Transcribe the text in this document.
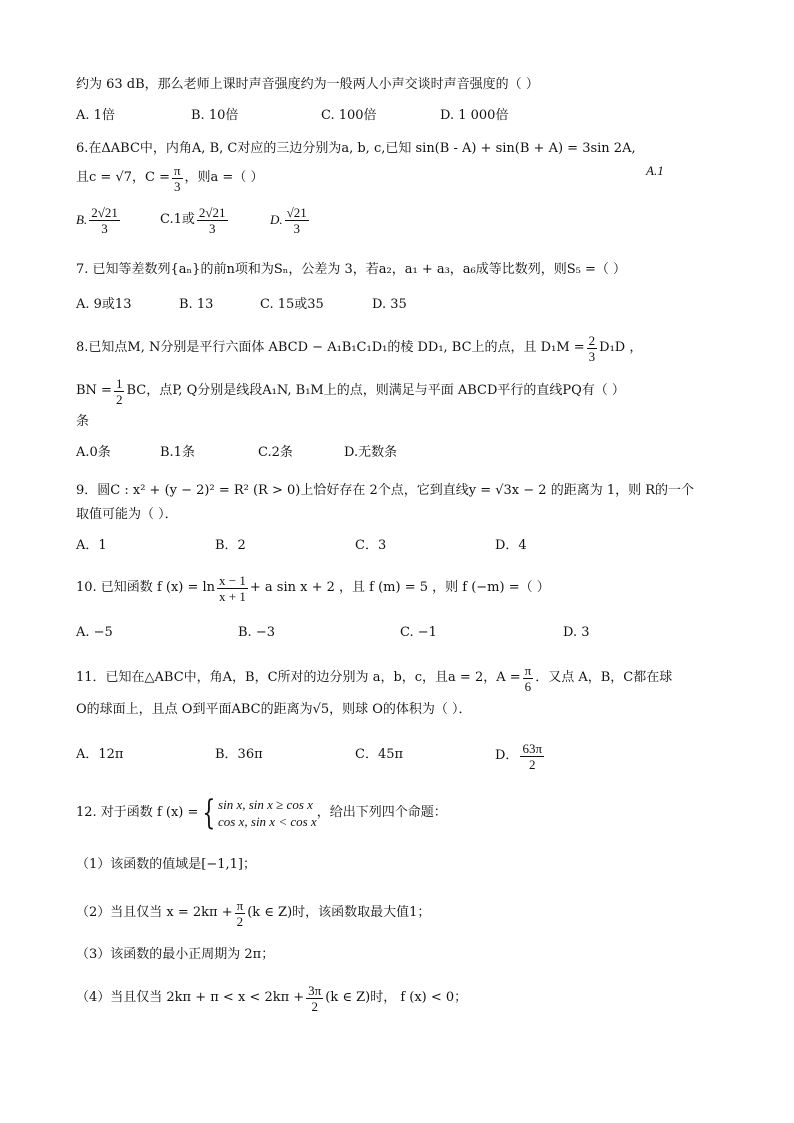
约为 63 dB，那么老师上课时声音强度约为一般两人小声交谈时声音强度的（ ）
A. 1倍	B. 10倍	C. 100倍	D. 1 000倍
6.在ΔABC中，内角A, B, C对应的三边分别为a, b, c,已知 sin(B - A) + sin(B + A) = 3sin 2A,
且c = √7，$C = \frac{\pi}{3}$ ，则a =（ ）	A.1
B. $\frac{2√21}{3}$	C.1或 $\frac{2√21}{3}$	D. $\frac{√21}{3}$
7. 已知等差数列{aₙ}的前n项和为Sₙ，公差为 3，若a₂，a₁ + a₃，a₆成等比数列，则S₅ =（ ）
A. 9或13	B. 13	C. 15或35	D. 35
8.已知点M, N分别是平行六面体 ABCD − A₁B₁C₁D₁的棱 DD₁, BC上的点，且 $D_1M = \frac{2}{3} D_1D$ ，
BN = $\frac{1}{2}$ BC，点P, Q分别是线段A₁N, B₁M上的点，则满足与平面 ABCD平行的直线PQ有（ ）
条
A.0条	B.1条	C.2条	D.无数条
9．圆C : x² + (y − 2)² = R² (R > 0)上恰好存在 2个点，它到直线y = √3x − 2 的距离为 1，则 R的一个
取值可能为（ ）．
A．1	B．2	C．3	D．4
10. 已知函数 f $(x) = \ln \frac{x - 1}{x + 1} + a$ sin x + 2 ，且 f (m) = 5 ，则 f (−m) =（ ）
A. −5	B. −3	C. −1	D. 3
11．已知在△ABC中，角A，B，C所对的边分别为 a，b，c，且a = 2，$A = \frac{\pi}{6}$ ．又点 A，B，C都在球
O的球面上，且点 O到平面ABC的距离为√5，则球 O的体积为（ ）．
A．12π	B．36π	C．45π	D． $\frac{63\pi}{2}$
12. 对于函数 f (x) = { sin x, sin x ≥ cos x
cos x, sin x < cos x
，给出下列四个命题：
（1）该函数的值域是[−1,1]；
（2）当且仅当 $x = 2k\pi + \frac{\pi}{2} (k$ ∈ Z)时，该函数取最大值1；
（3）该函数的最小正周期为 2π；
（4）当且仅当 $2k\pi + \pi < x < 2k\pi + \frac{3\pi}{2} (k$ ∈ Z)时， f (x) < 0；
